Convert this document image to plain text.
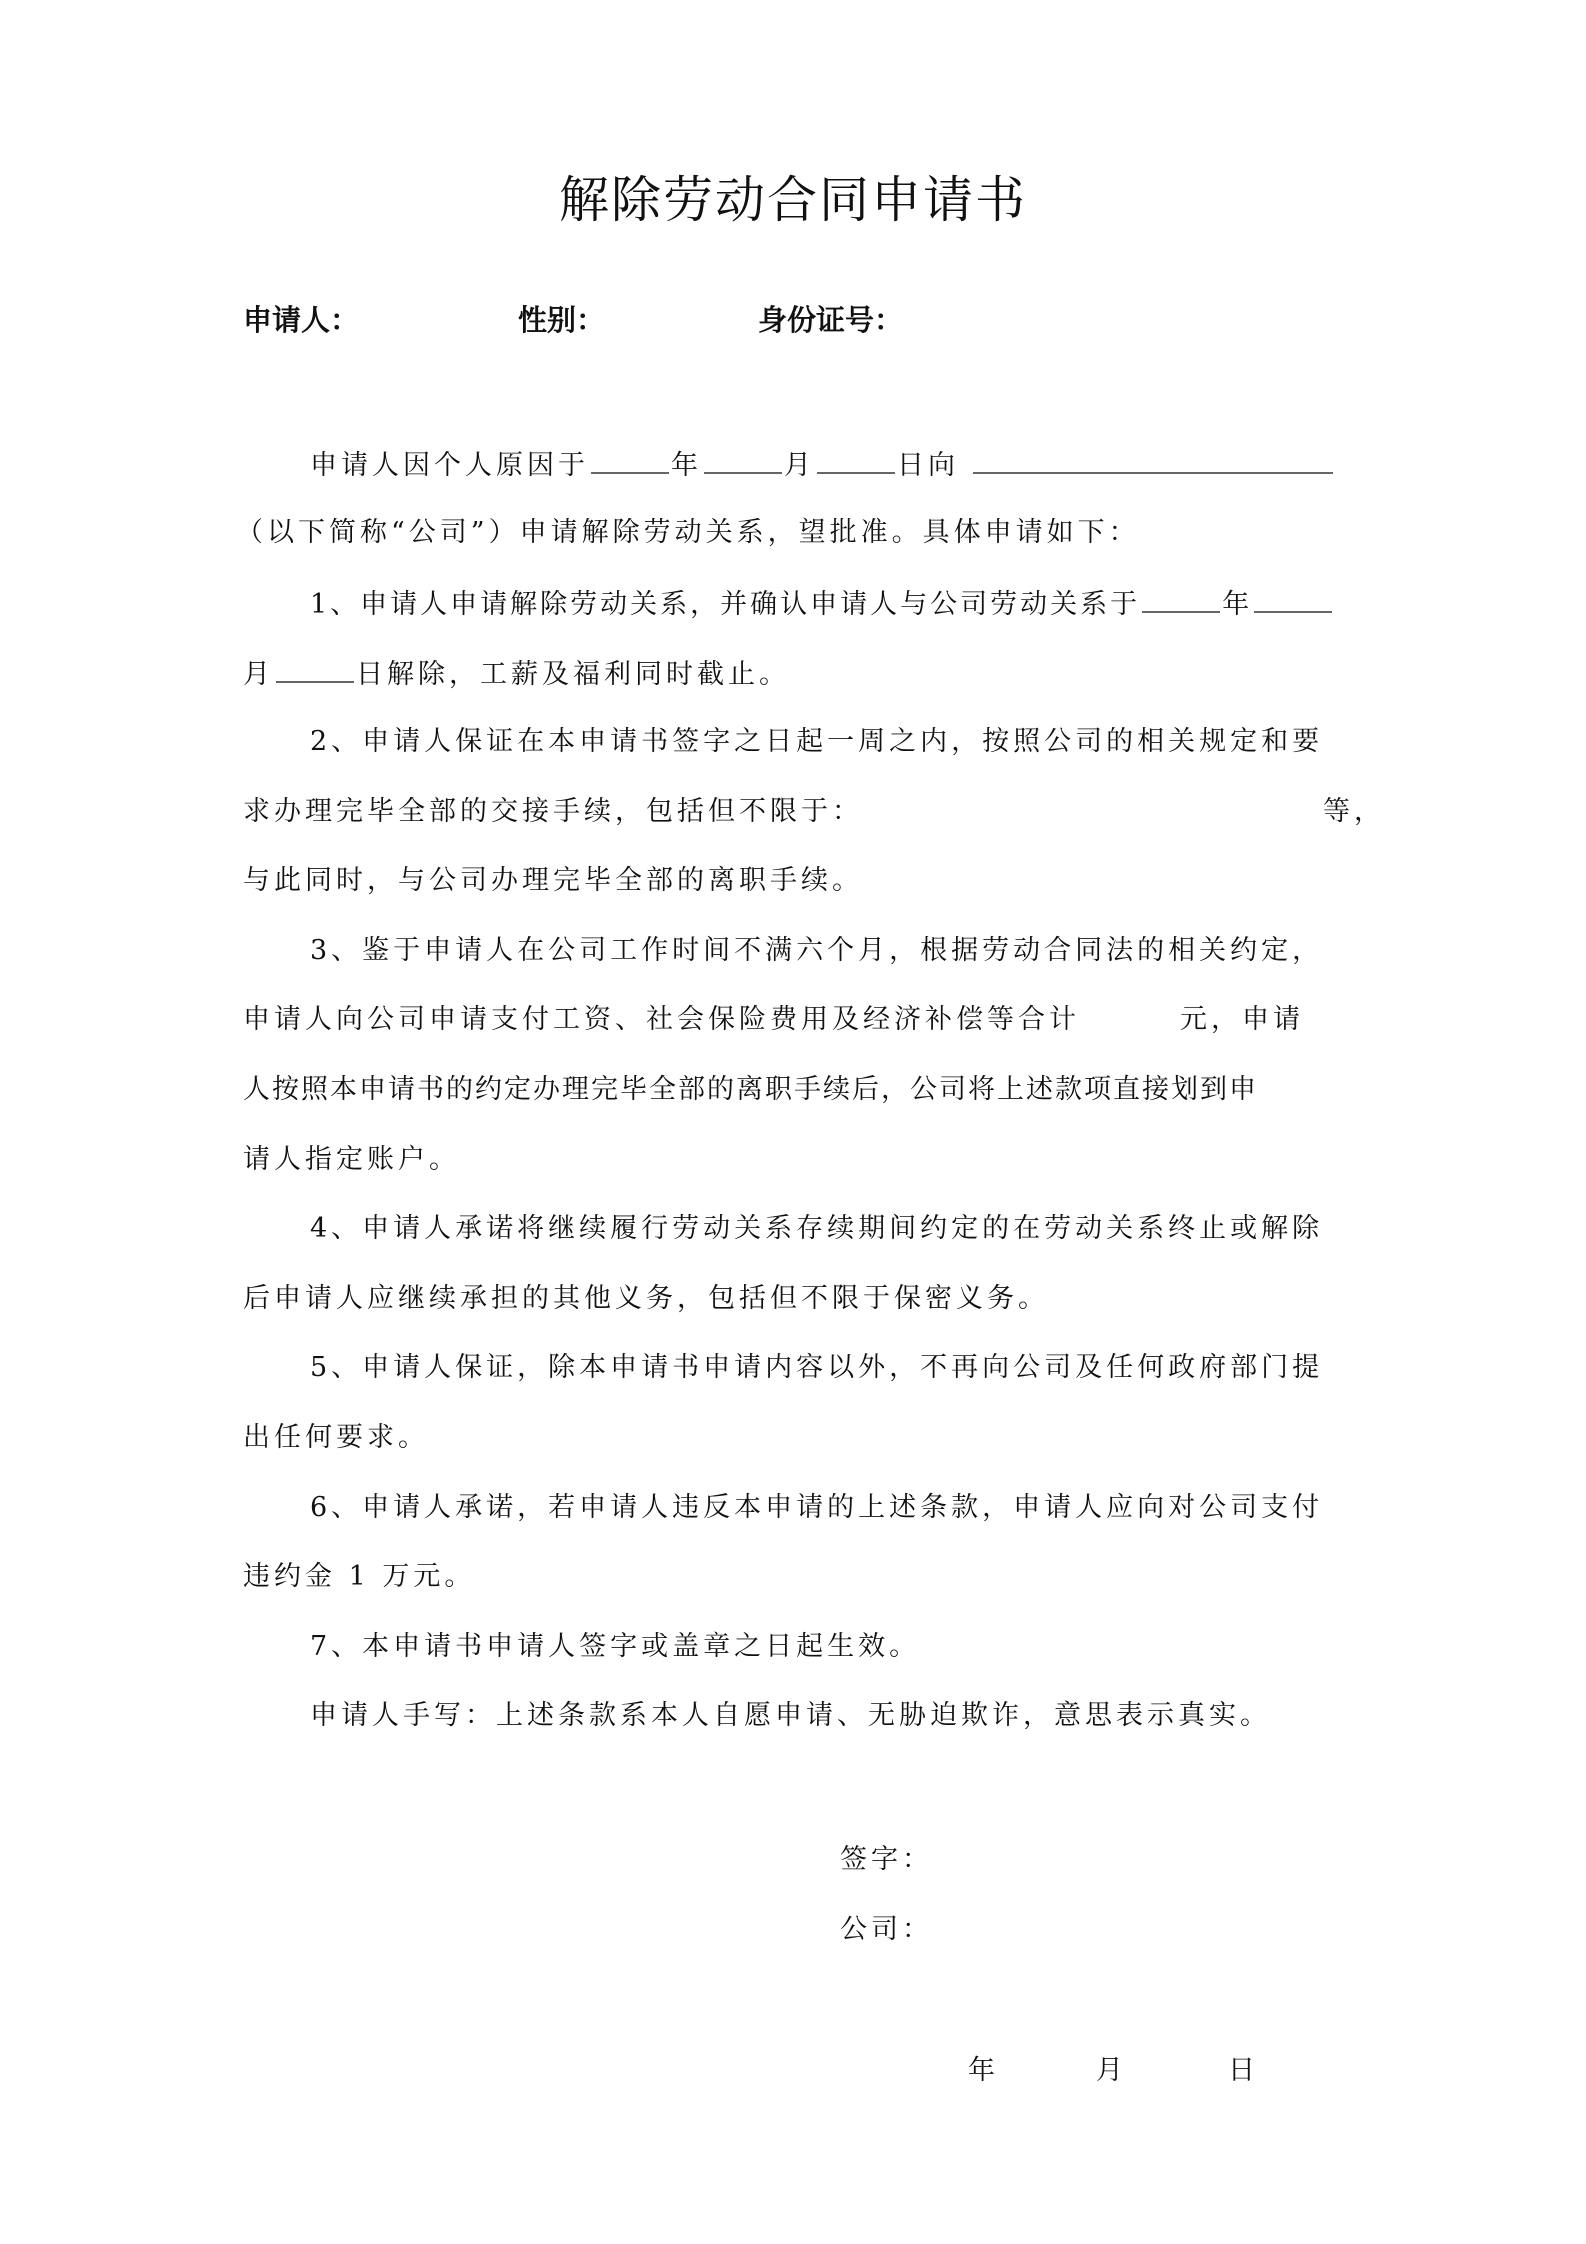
解除劳动合同申请书
申请人：	性别：	身份证号：
申请人因个人原因于	年	月	日向
（以下简称“公司”）申请解除劳动关系，望批准。具体申请如下：
1、申请人申请解除劳动关系，并确认申请人与公司劳动关系于	年
月	日解除，工薪及福利同时截止。
2、申请人保证在本申请书签字之日起一周之内，按照公司的相关规定和要
求办理完毕全部的交接手续，包括但不限于：	等，
与此同时，与公司办理完毕全部的离职手续。
3、鉴于申请人在公司工作时间不满六个月，根据劳动合同法的相关约定，
申请人向公司申请支付工资、社会保险费用及经济补偿等合计	元，申请
人按照本申请书的约定办理完毕全部的离职手续后，公司将上述款项直接划到申
请人指定账户。
4、申请人承诺将继续履行劳动关系存续期间约定的在劳动关系终止或解除
后申请人应继续承担的其他义务，包括但不限于保密义务。
5、申请人保证，除本申请书申请内容以外，不再向公司及任何政府部门提
出任何要求。
6、申请人承诺，若申请人违反本申请的上述条款，申请人应向对公司支付
违约金 1 万元。
7、本申请书申请人签字或盖章之日起生效。
申请人手写：上述条款系本人自愿申请、无胁迫欺诈，意思表示真实。
签字：
公司：
年	月	日
